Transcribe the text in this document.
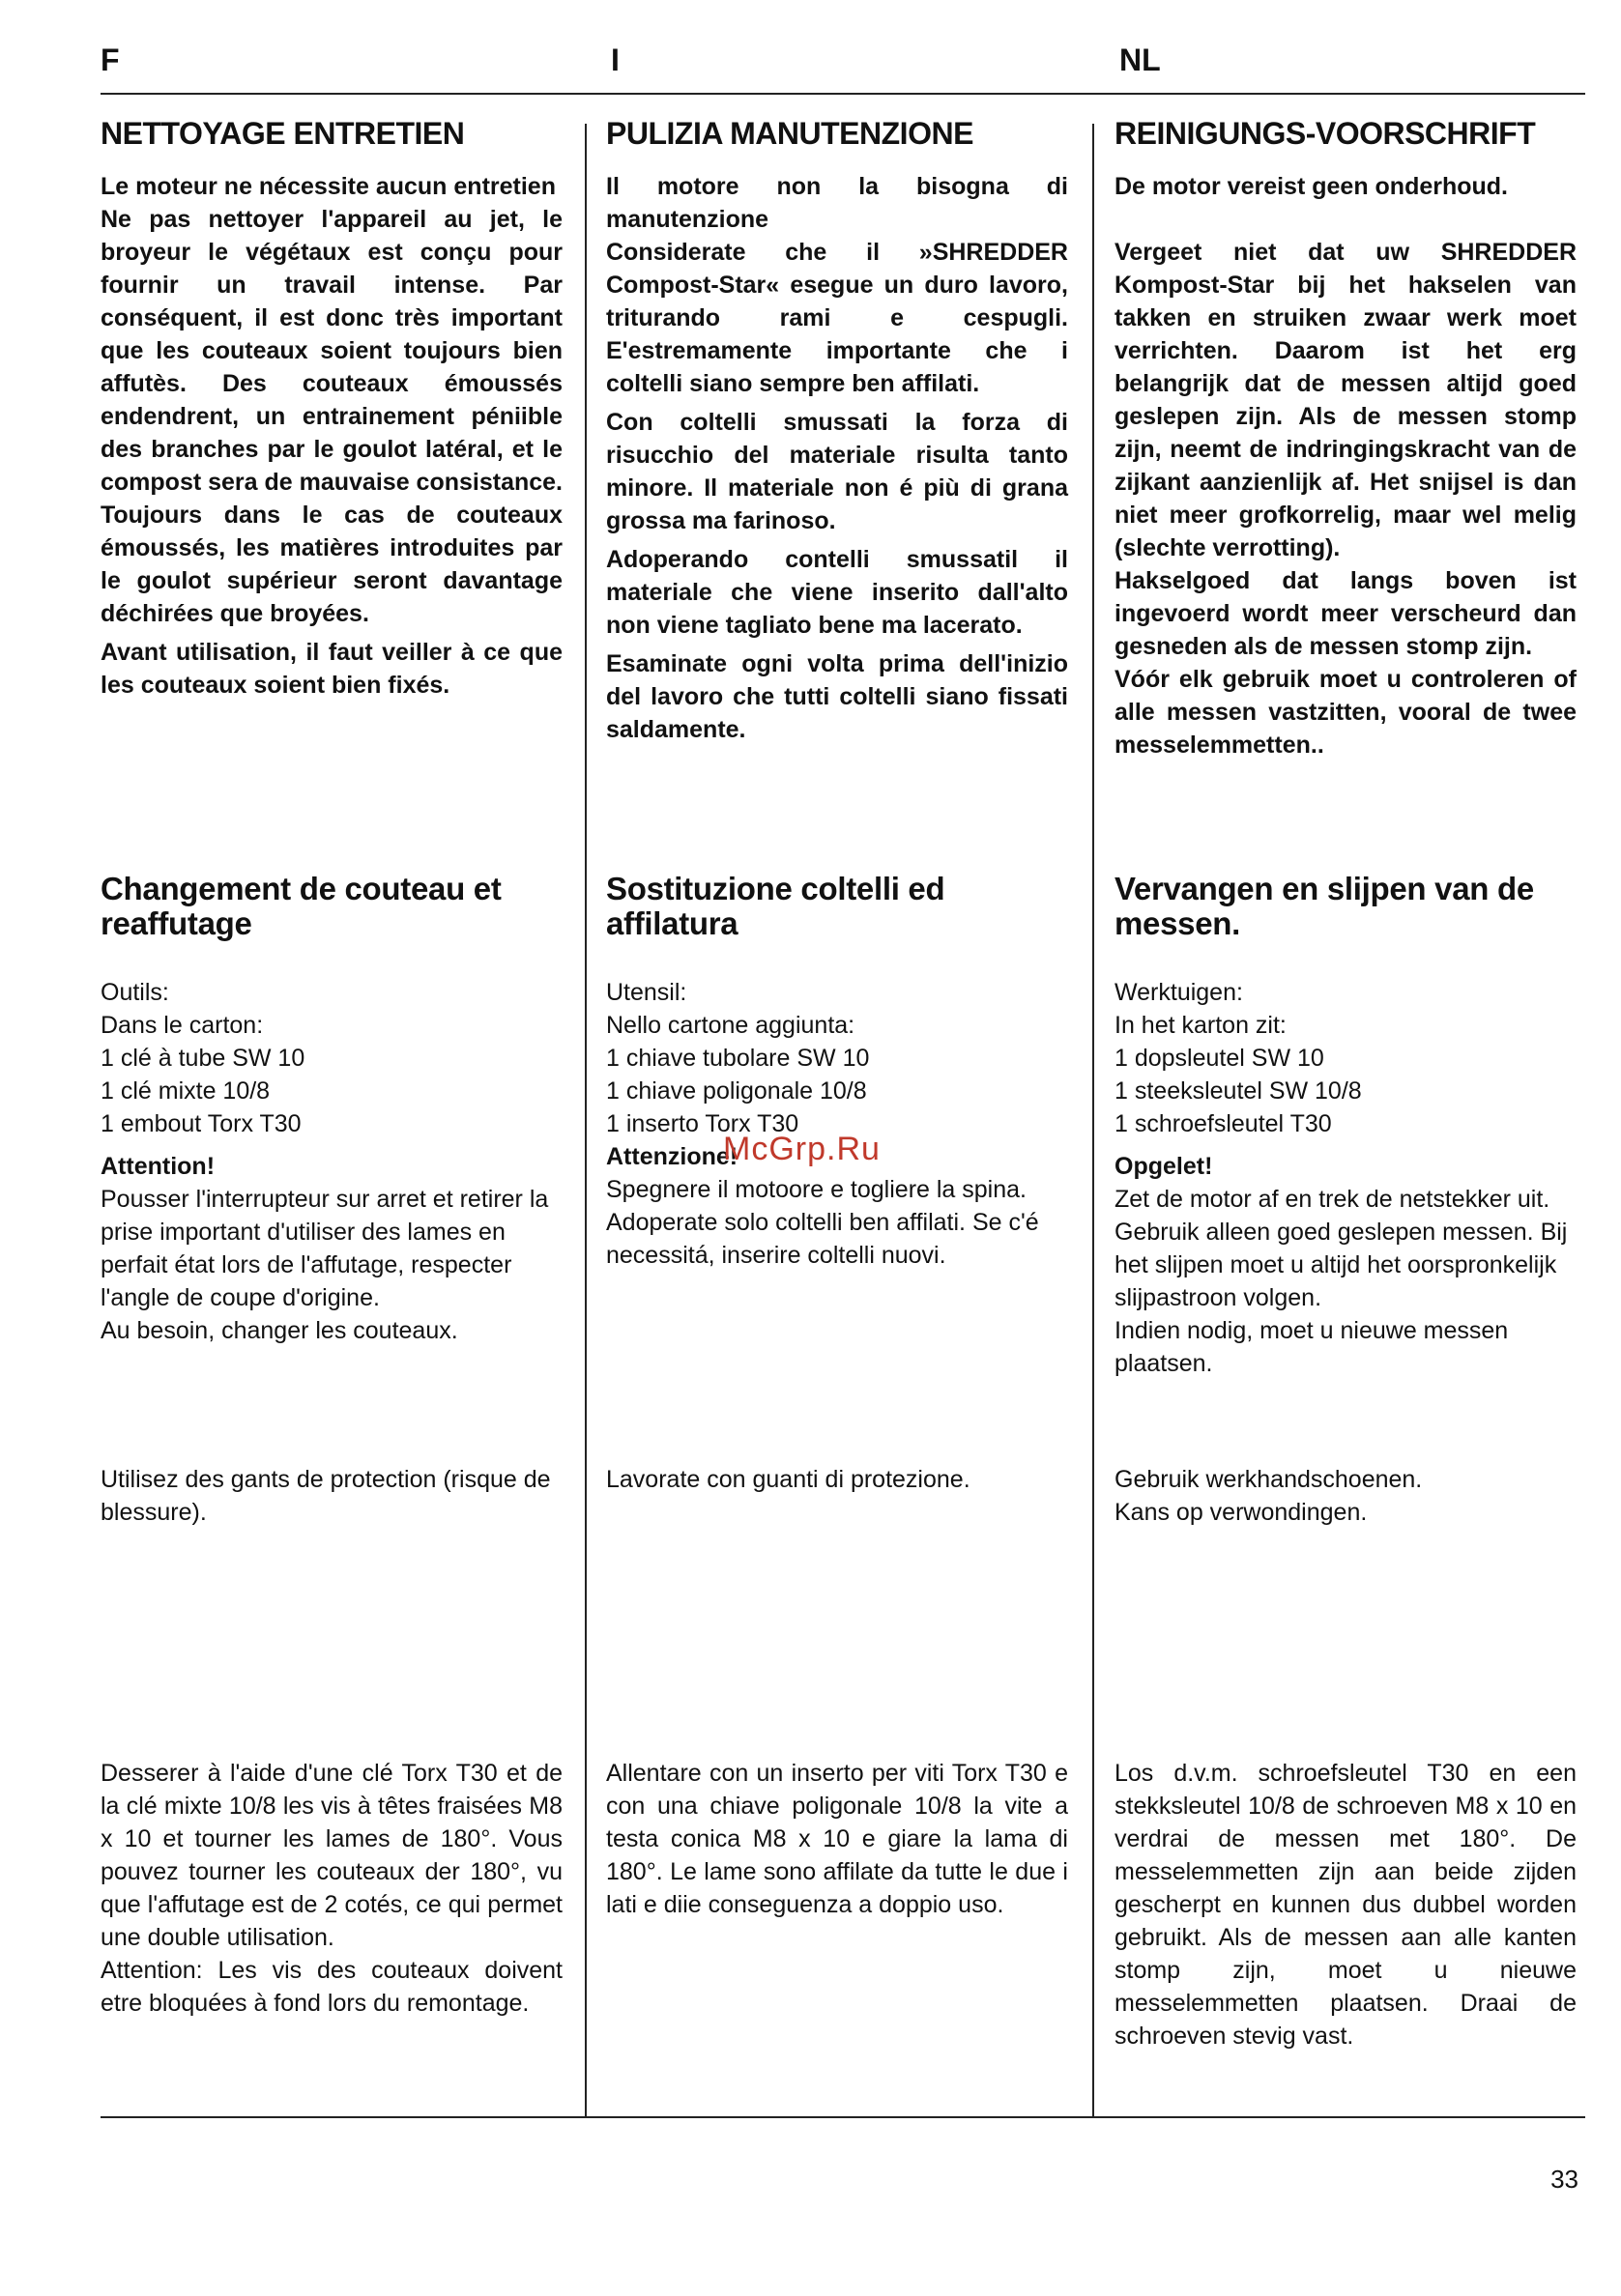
F	I	NL
NETTOYAGE ENTRETIEN

Le moteur ne nécessite aucun entretien

Ne pas nettoyer l'appareil au jet, le broyeur le végétaux est conçu pour fournir un travail intense. Par conséquent, il est donc très important que les couteaux soient toujours bien affutès. Des couteaux émoussés endendrent, un entrainement péniible des branches par le goulot latéral, et le compost sera de mauvaise consistance. Toujours dans le cas de couteaux émoussés, les matières introduites par le goulot supérieur seront davantage déchirées que broyées.

Avant utilisation, il faut veiller à ce que les couteaux soient bien fixés.

Changement de couteau et reaffutage

Outils:

Dans le carton:

1 clé à tube SW 10

1 clé mixte 10/8

1 embout Torx T30

Attention!

Pousser l'interrupteur sur arret et retirer la prise important d'utiliser des lames en perfait état lors de l'affutage, respecter l'angle de coupe d'origine.

Au besoin, changer les couteaux.

Utilisez des gants de protection (risque de blessure).

Desserer à l'aide d'une clé Torx T30 et de la clé mixte 10/8 les vis à têtes fraisées M8 x 10 et tourner les lames de 180°. Vous pouvez tourner les couteaux der 180°, vu que l'affutage est de 2 cotés, ce qui permet une double utilisation.

Attention: Les vis des couteaux doivent etre bloquées à fond lors du remontage.

PULIZIA MANUTENZIONE

Il motore non la bisogna di manutenzione

Considerate che il »SHREDDER Compost-Star« esegue un duro lavoro, triturando rami e cespugli. E'estremamente importante che i coltelli siano sempre ben affilati.

Con coltelli smussati la forza di risucchio del materiale risulta tanto minore. Il materiale non é più di grana grossa ma farinoso.

Adoperando contelli smussatil il materiale che viene inserito dall'alto non viene tagliato bene ma lacerato.

Esaminate ogni volta prima dell'inizio del lavoro che tutti coltelli siano fissati saldamente.

Sostituzione coltelli ed affilatura

Utensil:

Nello cartone aggiunta:

1 chiave tubolare SW 10

1 chiave poligonale 10/8

1 inserto Torx T30

Attenzione!

Spegnere il motoore e togliere la spina. Adoperate solo coltelli ben affilati. Se c'é necessitá, inserire coltelli nuovi.

Lavorate con guanti di protezione.

Allentare con un inserto per viti Torx T30 e con una chiave poligonale 10/8 la vite a testa conica M8 x 10 e giare la lama di 180°. Le lame sono affilate da tutte le due i lati e diie conseguenza a doppio uso.

REINIGUNGS-VOORSCHRIFT

De motor vereist geen onderhoud.

Vergeet niet dat uw SHREDDER Kompost-Star bij het hakselen van takken en struiken zwaar werk moet verrichten. Daarom ist het erg belangrijk dat de messen altijd goed geslepen zijn. Als de messen stomp zijn, neemt de indringingskracht van de zijkant aanzienlijk af. Het snijsel is dan niet meer grofkorrelig, maar wel melig (slechte verrotting).

Hakselgoed dat langs boven ist ingevoerd wordt meer verscheurd dan gesneden als de messen stomp zijn.

Vóór elk gebruik moet u controleren of alle messen vastzitten, vooral de twee messelemmetten..

Vervangen en slijpen van de messen.

Werktuigen:

In het karton zit:

1 dopsleutel SW 10

1 steeksleutel SW 10/8

1 schroefsleutel T30

Opgelet!

Zet de motor af en trek de netstekker uit.

Gebruik alleen goed geslepen messen. Bij het slijpen moet u altijd het oorspronkelijk slijpastroon volgen.

Indien nodig, moet u nieuwe messen plaatsen.

Gebruik werkhandschoenen.

Kans op verwondingen.

Los d.v.m. schroefsleutel T30 en een stekksleutel 10/8 de schroeven M8 x 10 en verdrai de messen met 180°. De messelemmetten zijn aan beide zijden gescherpt en kunnen dus dubbel worden gebruikt. Als de messen aan alle kanten stomp zijn, moet u nieuwe messelemmetten plaatsen. Draai de schroeven stevig vast.

McGrp.Ru
33
